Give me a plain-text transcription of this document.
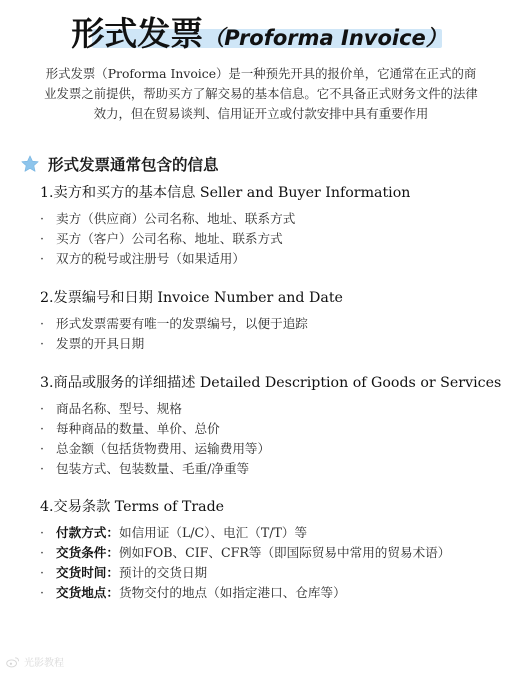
形式发票（Proforma Invoice）
形式发票（Proforma Invoice）是一种预先开具的报价单，它通常在正式的商
业发票之前提供，帮助买方了解交易的基本信息。它不具备正式财务文件的法律
效力，但在贸易谈判、信用证开立或付款安排中具有重要作用
形式发票通常包含的信息
1.卖方和买方的基本信息 Seller and Buyer Information
· 卖方（供应商）公司名称、地址、联系方式
· 买方（客户）公司名称、地址、联系方式
· 双方的税号或注册号（如果适用）
2.发票编号和日期 Invoice Number and Date
· 形式发票需要有唯一的发票编号，以便于追踪
· 发票的开具日期
3.商品或服务的详细描述 Detailed Description of Goods or Services
· 商品名称、型号、规格
· 每种商品的数量、单价、总价
· 总金额（包括货物费用、运输费用等）
· 包装方式、包装数量、毛重/净重等
4.交易条款 Terms of Trade
· 付款方式： 如信用证（L/C）、电汇（T/T）等
· 交货条件： 例如FOB、CIF、CFR等（即国际贸易中常用的贸易术语）
· 交货时间： 预计的交货日期
· 交货地点： 货物交付的地点（如指定港口、仓库等）
光影教程
